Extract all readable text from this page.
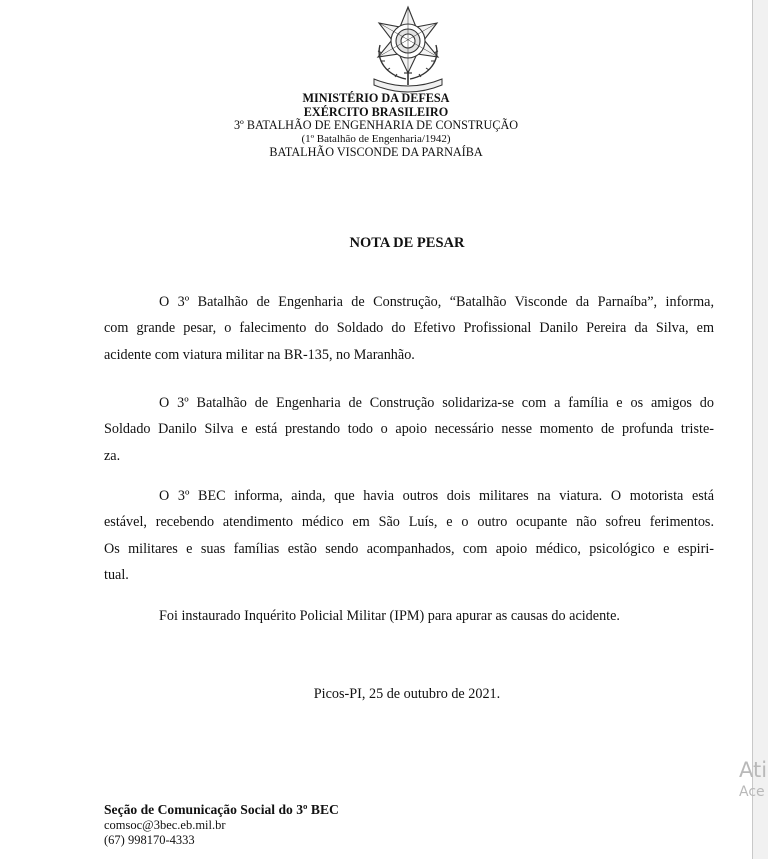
MINISTÉRIO DA DEFESA
EXÉRCITO BRASILEIRO
3º BATALHÃO DE ENGENHARIA DE CONSTRUÇÃO
(1º Batalhão de Engenharia/1942)
BATALHÃO VISCONDE DA PARNAÍBA
NOTA DE PESAR
O 3º Batalhão de Engenharia de Construção, “Batalhão Visconde da Parnaíba”, informa,
com grande pesar, o falecimento do Soldado do Efetivo Profissional Danilo Pereira da Silva, em
acidente com viatura militar na BR-135, no Maranhão.
O 3º Batalhão de Engenharia de Construção solidariza-se com a família e os amigos do
Soldado Danilo Silva e está prestando todo o apoio necessário nesse momento de profunda triste-
za.
O 3º BEC informa, ainda, que havia outros dois militares na viatura. O motorista está
estável, recebendo atendimento médico em São Luís, e o outro ocupante não sofreu ferimentos.
Os militares e suas famílias estão sendo acompanhados, com apoio médico, psicológico e espiri-
tual.
Foi instaurado Inquérito Policial Militar (IPM) para apurar as causas do acidente.
Picos-PI, 25 de outubro de 2021.
Seção de Comunicação Social do 3º BEC
comsoc@3bec.eb.mil.br
(67) 998170-4333
Ati
Ace
